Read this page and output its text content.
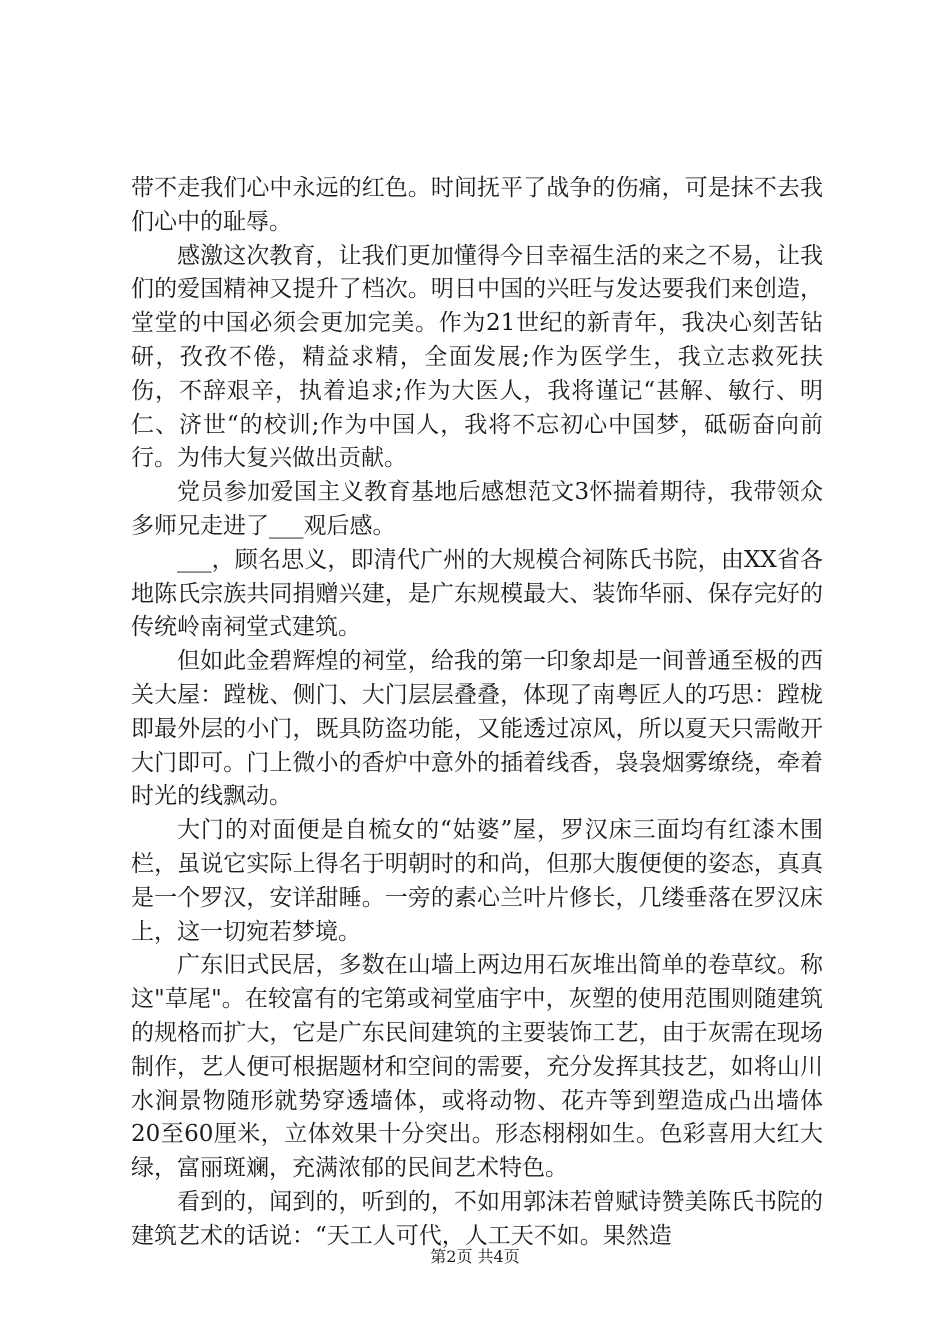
带不走我们心中永远的红色。时间抚平了战争的伤痛，可是抹不去我们心中的耻辱。

感激这次教育，让我们更加懂得今日幸福生活的来之不易，让我们的爱国精神又提升了档次。明日中国的兴旺与发达要我们来创造，堂堂的中国必须会更加完美。作为21世纪的新青年，我决心刻苦钻研，孜孜不倦，精益求精，全面发展;作为医学生，我立志救死扶伤，不辞艰辛，执着追求;作为大医人，我将谨记“甚解、敏行、明仁、济世“的校训;作为中国人，我将不忘初心中国梦，砥砺奋向前行。为伟大复兴做出贡献。

党员参加爱国主义教育基地后感想范文3怀揣着期待，我带领众多师兄走进了___观后感。

___，顾名思义，即清代广州的大规模合祠陈氏书院，由XX省各地陈氏宗族共同捐赠兴建，是广东规模最大、装饰华丽、保存完好的传统岭南祠堂式建筑。

但如此金碧辉煌的祠堂，给我的第一印象却是一间普通至极的西关大屋：蹚栊、侧门、大门层层叠叠，体现了南粤匠人的巧思：蹚栊即最外层的小门，既具防盗功能，又能透过凉风，所以夏天只需敞开大门即可。门上微小的香炉中意外的插着线香，袅袅烟雾缭绕，牵着时光的线飘动。

大门的对面便是自梳女的“姑婆”屋，罗汉床三面均有红漆木围栏，虽说它实际上得名于明朝时的和尚，但那大腹便便的姿态，真真是一个罗汉，安详甜睡。一旁的素心兰叶片修长，几缕垂落在罗汉床上，这一切宛若梦境。

广东旧式民居，多数在山墙上两边用石灰堆出简单的卷草纹。称这"草尾"。在较富有的宅第或祠堂庙宇中，灰塑的使用范围则随建筑的规格而扩大，它是广东民间建筑的主要装饰工艺，由于灰需在现场制作，艺人便可根据题材和空间的需要，充分发挥其技艺，如将山川水涧景物随形就势穿透墙体，或将动物、花卉等到塑造成凸出墙体20至60厘米，立体效果十分突出。形态栩栩如生。色彩喜用大红大绿，富丽斑斓，充满浓郁的民间艺术特色。

看到的，闻到的，听到的，不如用郭沫若曾赋诗赞美陈氏书院的建筑艺术的话说：“天工人可代，人工天不如。果然造

第2页 共4页
